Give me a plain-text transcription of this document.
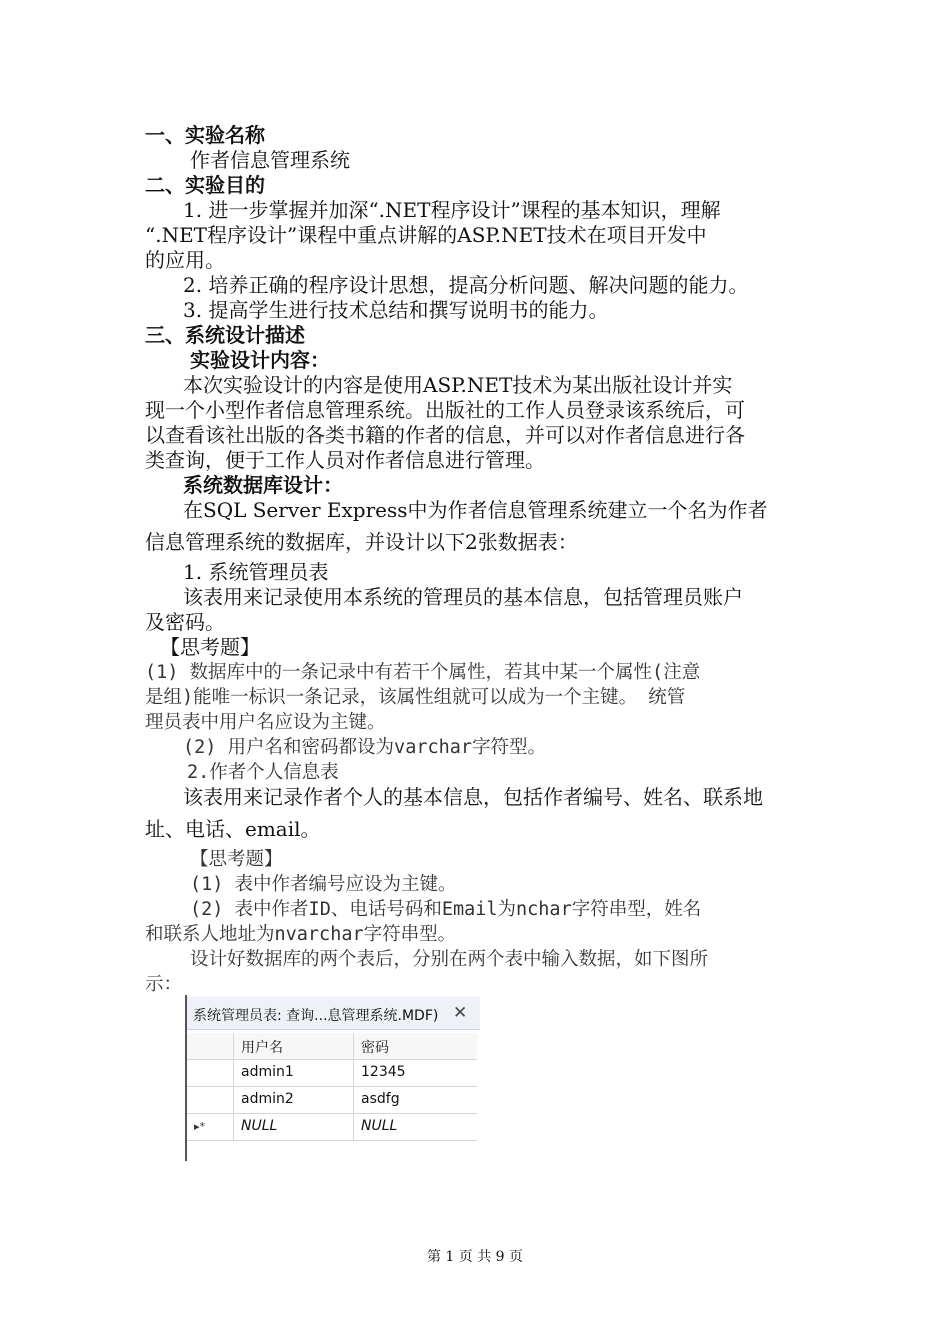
一、实验名称
作者信息管理系统
二、实验目的
1. 进一步掌握并加深“.NET程序设计”课程的基本知识，理解
“.NET程序设计”课程中重点讲解的ASP.NET技术在项目开发中
的应用。
2. 培养正确的程序设计思想，提高分析问题、解决问题的能力。
3. 提高学生进行技术总结和撰写说明书的能力。
三、系统设计描述
实验设计内容：
本次实验设计的内容是使用ASP.NET技术为某出版社设计并实
现一个小型作者信息管理系统。出版社的工作人员登录该系统后，可
以查看该社出版的各类书籍的作者的信息，并可以对作者信息进行各
类查询，便于工作人员对作者信息进行管理。
系统数据库设计：
在SQL Server Express中为作者信息管理系统建立一个名为作者
信息管理系统的数据库，并设计以下2张数据表：
1. 系统管理员表
该表用来记录使用本系统的管理员的基本信息，包括管理员账户
及密码。
【思考题】
(1) 数据库中的一条记录中有若干个属性，若其中某一个属性(注意
是组)能唯一标识一条记录，该属性组就可以成为一个主键。 统管
理员表中用户名应设为主键。
(2) 用户名和密码都设为varchar字符型。
2.作者个人信息表
该表用来记录作者个人的基本信息，包括作者编号、姓名、联系地
址、电话、email。
【思考题】
(1) 表中作者编号应设为主键。
(2) 表中作者ID、电话号码和Email为nchar字符串型，姓名
和联系人地址为nvarchar字符串型。
设计好数据库的两个表后，分别在两个表中输入数据，如下图所
示：
系统管理员表: 查询...息管理系统.MDF) ✕
用户名	密码
admin1	12345
admin2	asdfg
▸*	NULL	NULL
第 1 页 共 9 页
